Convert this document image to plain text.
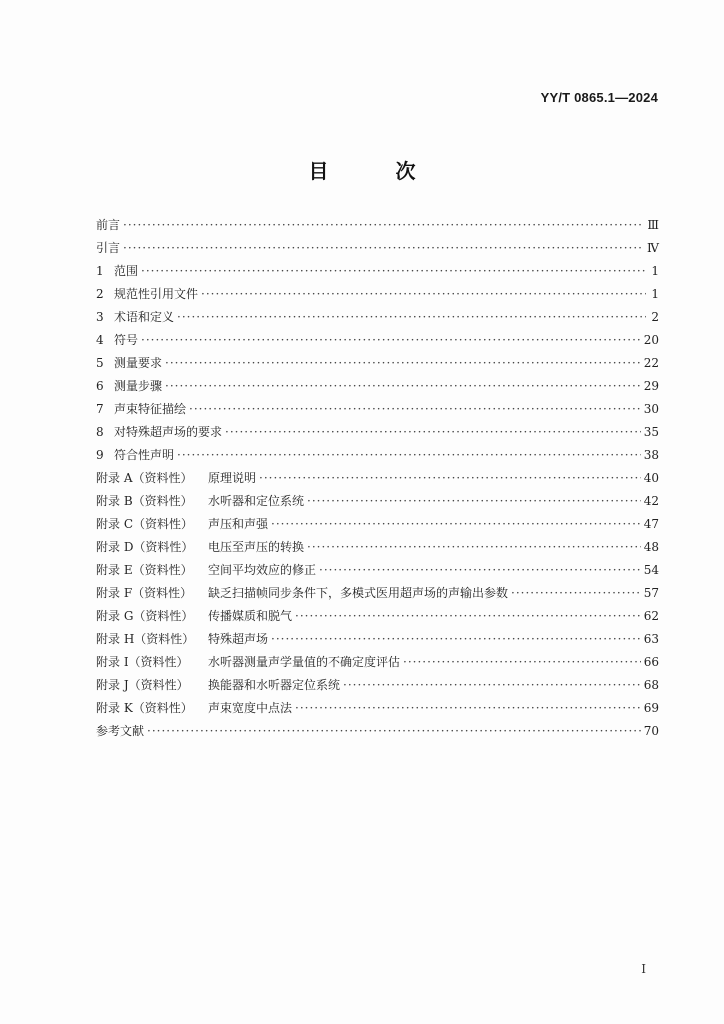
YY/T 0865.1—2024
目 次
前言 ·····	Ⅲ
引言 ·····	Ⅳ
1 范围 ·····	1
2 规范性引用文件 ·····	1
3 术语和定义 ·····	2
4 符号 ·····	20
5 测量要求 ·····	22
6 测量步骤 ·····	29
7 声束特征描绘 ·····	30
8 对特殊超声场的要求 ·····	35
9 符合性声明 ·····	38
附录 A（资料性） 原理说明 ·····	40
附录 B（资料性） 水听器和定位系统 ·····	42
附录 C（资料性） 声压和声强 ·····	47
附录 D（资料性） 电压至声压的转换 ·····	48
附录 E（资料性） 空间平均效应的修正 ·····	54
附录 F（资料性） 缺乏扫描帧同步条件下，多模式医用超声场的声输出参数 ·····	57
附录 G（资料性） 传播媒质和脱气 ·····	62
附录 H（资料性） 特殊超声场 ·····	63
附录 I（资料性） 水听器测量声学量值的不确定度评估 ·····	66
附录 J（资料性） 换能器和水听器定位系统 ·····	68
附录 K（资料性） 声束宽度中点法 ·····	69
参考文献 ·····	70
I
